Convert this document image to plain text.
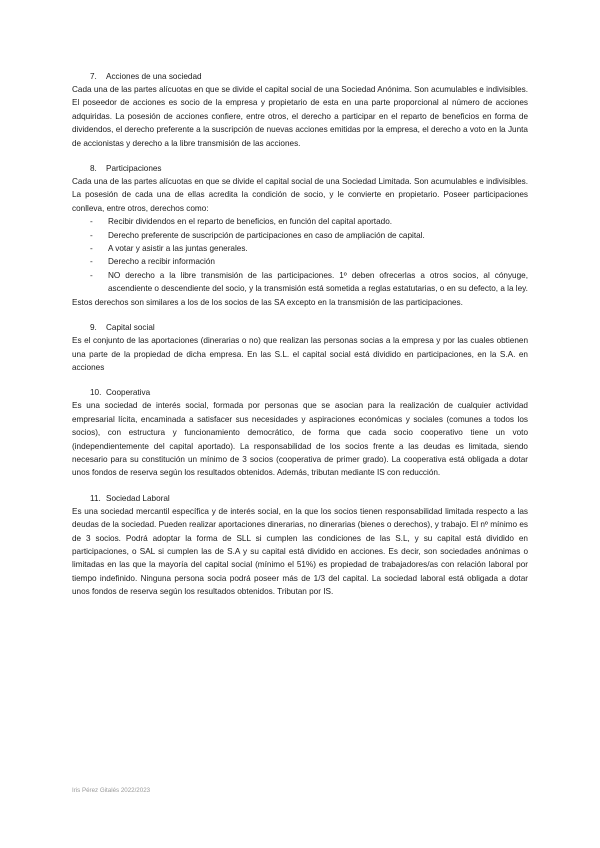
7. Acciones de una sociedad

Cada una de las partes alícuotas en que se divide el capital social de una Sociedad Anónima. Son acumulables e indivisibles. El poseedor de acciones es socio de la empresa y propietario de esta en una parte proporcional al número de acciones adquiridas. La posesión de acciones confiere, entre otros, el derecho a participar en el reparto de beneficios en forma de dividendos, el derecho preferente a la suscripción de nuevas acciones emitidas por la empresa, el derecho a voto en la Junta de accionistas y derecho a la libre transmisión de las acciones.

8. Participaciones

Cada una de las partes alícuotas en que se divide el capital social de una Sociedad Limitada. Son acumulables e indivisibles. La posesión de cada una de ellas acredita la condición de socio, y le convierte en propietario. Poseer participaciones conlleva, entre otros, derechos como:

- Recibir dividendos en el reparto de beneficios, en función del capital aportado.
- Derecho preferente de suscripción de participaciones en caso de ampliación de capital.
- A votar y asistir a las juntas generales.
- Derecho a recibir información
- NO derecho a la libre transmisión de las participaciones. 1º deben ofrecerlas a otros socios, al cónyuge, ascendiente o descendiente del socio, y la transmisión está sometida a reglas estatutarias, o en su defecto, a la ley.

Estos derechos son similares a los de los socios de las SA excepto en la transmisión de las participaciones.

9. Capital social

Es el conjunto de las aportaciones (dinerarias o no) que realizan las personas socias a la empresa y por las cuales obtienen una parte de la propiedad de dicha empresa. En las S.L. el capital social está dividido en participaciones, en la S.A. en acciones

10. Cooperativa

Es una sociedad de interés social, formada por personas que se asocian para la realización de cualquier actividad empresarial lícita, encaminada a satisfacer sus necesidades y aspiraciones económicas y sociales (comunes a todos los socios), con estructura y funcionamiento democrático, de forma que cada socio cooperativo tiene un voto (independientemente del capital aportado). La responsabilidad de los socios frente a las deudas es limitada, siendo necesario para su constitución un mínimo de 3 socios (cooperativa de primer grado). La cooperativa está obligada a dotar unos fondos de reserva según los resultados obtenidos. Además, tributan mediante IS con reducción.

11. Sociedad Laboral

Es una sociedad mercantil específica y de interés social, en la que los socios tienen responsabilidad limitada respecto a las deudas de la sociedad. Pueden realizar aportaciones dinerarias, no dinerarias (bienes o derechos), y trabajo. El nº mínimo es de 3 socios. Podrá adoptar la forma de SLL si cumplen las condiciones de las S.L, y su capital está dividido en participaciones, o SAL si cumplen las de S.A y su capital está dividido en acciones. Es decir, son sociedades anónimas o limitadas en las que la mayoría del capital social (mínimo el 51%) es propiedad de trabajadores/as con relación laboral por tiempo indefinido. Ninguna persona socia podrá poseer más de 1/3 del capital. La sociedad laboral está obligada a dotar unos fondos de reserva según los resultados obtenidos. Tributan por IS.

Iris Pérez Gitalés 2022/2023
